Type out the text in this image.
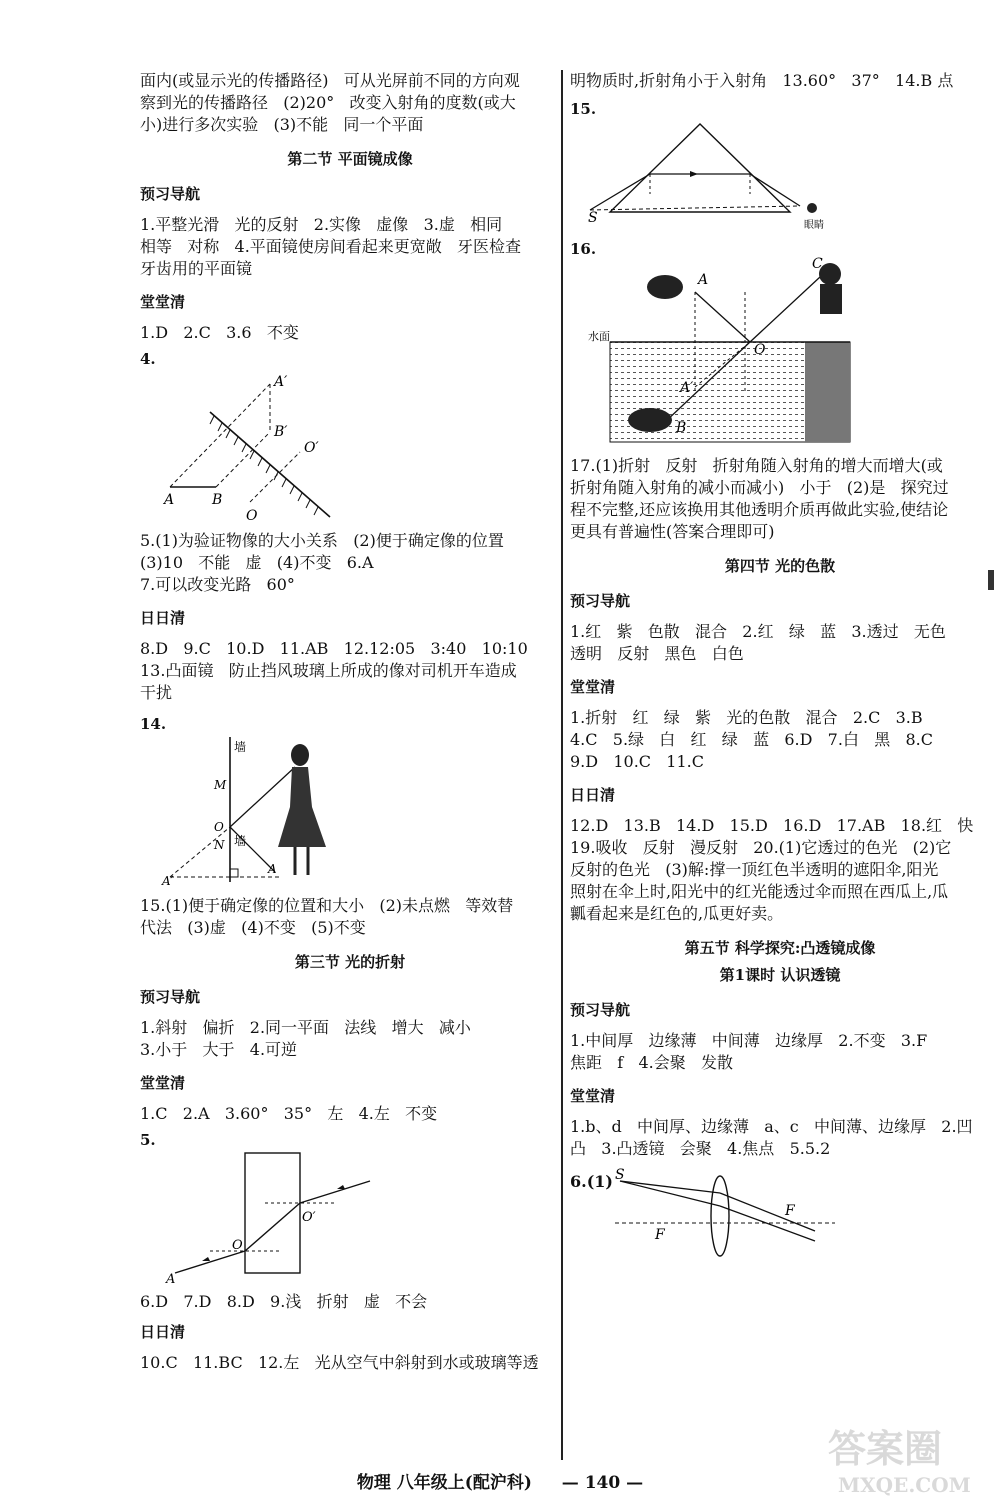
面内(或显示光的传播路径)   可从光屏前不同的方向观
察到光的传播路径   (2)20°   改变入射角的度数(或大
小)进行多次实验   (3)不能   同一个平面
第二节 平面镜成像
预习导航
1.平整光滑   光的反射   2.实像   虚像   3.虚   相同
相等   对称   4.平面镜使房间看起来更宽敞   牙医检查
牙齿用的平面镜
堂堂清
1.D   2.C   3.6   不变
4.
A′
B′
O′
A	B
O
5.(1)为验证物像的大小关系   (2)便于确定像的位置
(3)10   不能   虚   (4)不变   6.A
7.可以改变光路   60°
日日清
8.D   9.C   10.D   11.AB   12.12:05   3:40   10:10
13.凸面镜   防止挡风玻璃上所成的像对司机开车造成
干扰
14.
墙
墙
M
O
N
A′
A
15.(1)便于确定像的位置和大小   (2)未点燃   等效替
代法   (3)虚   (4)不变   (5)不变
第三节 光的折射
预习导航
1.斜射   偏折   2.同一平面   法线   增大   减小
3.小于   大于   4.可逆
堂堂清
1.C   2.A   3.60°   35°   左   4.左   不变
5.
O′
O
A
6.D   7.D   8.D   9.浅   折射   虚   不会
日日清
10.C   11.BC   12.左   光从空气中斜射到水或玻璃等透
明物质时,折射角小于入射角   13.60°   37°   14.B 点
15.
S	眼睛
16.
A
C
水面
O
A′
B
17.(1)折射   反射   折射角随入射角的增大而增大(或
折射角随入射角的减小而减小)   小于   (2)是   探究过
程不完整,还应该换用其他透明介质再做此实验,使结论
更具有普遍性(答案合理即可)
第四节 光的色散
预习导航
1.红   紫   色散   混合   2.红   绿   蓝   3.透过   无色
透明   反射   黑色   白色
堂堂清
1.折射   红   绿   紫   光的色散   混合   2.C   3.B
4.C   5.绿   白   红   绿   蓝   6.D   7.白   黑   8.C
9.D   10.C   11.C
日日清
12.D   13.B   14.D   15.D   16.D   17.AB   18.红   快
19.吸收   反射   漫反射   20.(1)它透过的色光   (2)它
反射的色光   (3)解:撑一顶红色半透明的遮阳伞,阳光
照射在伞上时,阳光中的红光能透过伞而照在西瓜上,瓜
瓤看起来是红色的,瓜更好卖。
第五节 科学探究:凸透镜成像
第1课时 认识透镜
预习导航
1.中间厚   边缘薄   中间薄   边缘厚   2.不变   3.F
焦距   f   4.会聚   发散
堂堂清
1.b、d   中间厚、边缘薄   a、c   中间薄、边缘厚   2.凹
凸   3.凸透镜   会聚   4.焦点   5.5.2
6.(1) S
F
F
物理 八年级上(配沪科) — 140 —
答案圈
MXQE.COM
